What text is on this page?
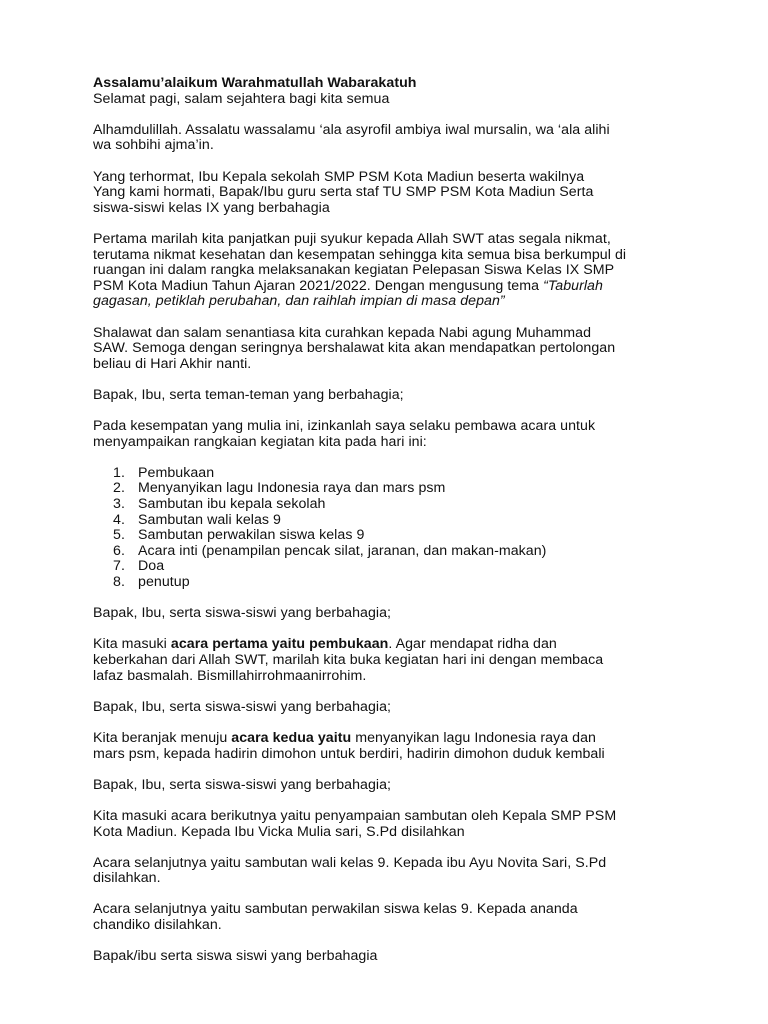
Assalamu’alaikum Warahmatullah Wabarakatuh

Selamat pagi, salam sejahtera bagi kita semua

Alhamdulillah. Assalatu wassalamu ‘ala asyrofil ambiya iwal mursalin, wa ‘ala alihi

wa sohbihi ajma’in.

Yang terhormat, Ibu Kepala sekolah SMP PSM Kota Madiun beserta wakilnya

Yang kami hormati, Bapak/Ibu guru serta staf TU SMP PSM Kota Madiun Serta

siswa-siswi kelas IX yang berbahagia

Pertama marilah kita panjatkan puji syukur kepada Allah SWT atas segala nikmat,

terutama nikmat kesehatan dan kesempatan sehingga kita semua bisa berkumpul di

ruangan ini dalam rangka melaksanakan kegiatan Pelepasan Siswa Kelas IX SMP

PSM Kota Madiun Tahun Ajaran 2021/2022. Dengan mengusung tema “Taburlah

gagasan, petiklah perubahan, dan raihlah impian di masa depan”

Shalawat dan salam senantiasa kita curahkan kepada Nabi agung Muhammad

SAW. Semoga dengan seringnya bershalawat kita akan mendapatkan pertolongan

beliau di Hari Akhir nanti.

Bapak, Ibu, serta teman-teman yang berbahagia;

Pada kesempatan yang mulia ini, izinkanlah saya selaku pembawa acara untuk

menyampaikan rangkaian kegiatan kita pada hari ini:

1. Pembukaan
2. Menyanyikan lagu Indonesia raya dan mars psm
3. Sambutan ibu kepala sekolah
4. Sambutan wali kelas 9
5. Sambutan perwakilan siswa kelas 9
6. Acara inti (penampilan pencak silat, jaranan, dan makan-makan)
7. Doa
8. penutup

Bapak, Ibu, serta siswa-siswi yang berbahagia;

Kita masuki acara pertama yaitu pembukaan. Agar mendapat ridha dan

keberkahan dari Allah SWT, marilah kita buka kegiatan hari ini dengan membaca

lafaz basmalah. Bismillahirrohmaanirrohim.

Bapak, Ibu, serta siswa-siswi yang berbahagia;

Kita beranjak menuju acara kedua yaitu menyanyikan lagu Indonesia raya dan

mars psm, kepada hadirin dimohon untuk berdiri, hadirin dimohon duduk kembali

Bapak, Ibu, serta siswa-siswi yang berbahagia;

Kita masuki acara berikutnya yaitu penyampaian sambutan oleh Kepala SMP PSM

Kota Madiun. Kepada Ibu Vicka Mulia sari, S.Pd disilahkan

Acara selanjutnya yaitu sambutan wali kelas 9. Kepada ibu Ayu Novita Sari, S.Pd

disilahkan.

Acara selanjutnya yaitu sambutan perwakilan siswa kelas 9. Kepada ananda

chandiko disilahkan.

Bapak/ibu serta siswa siswi yang berbahagia
